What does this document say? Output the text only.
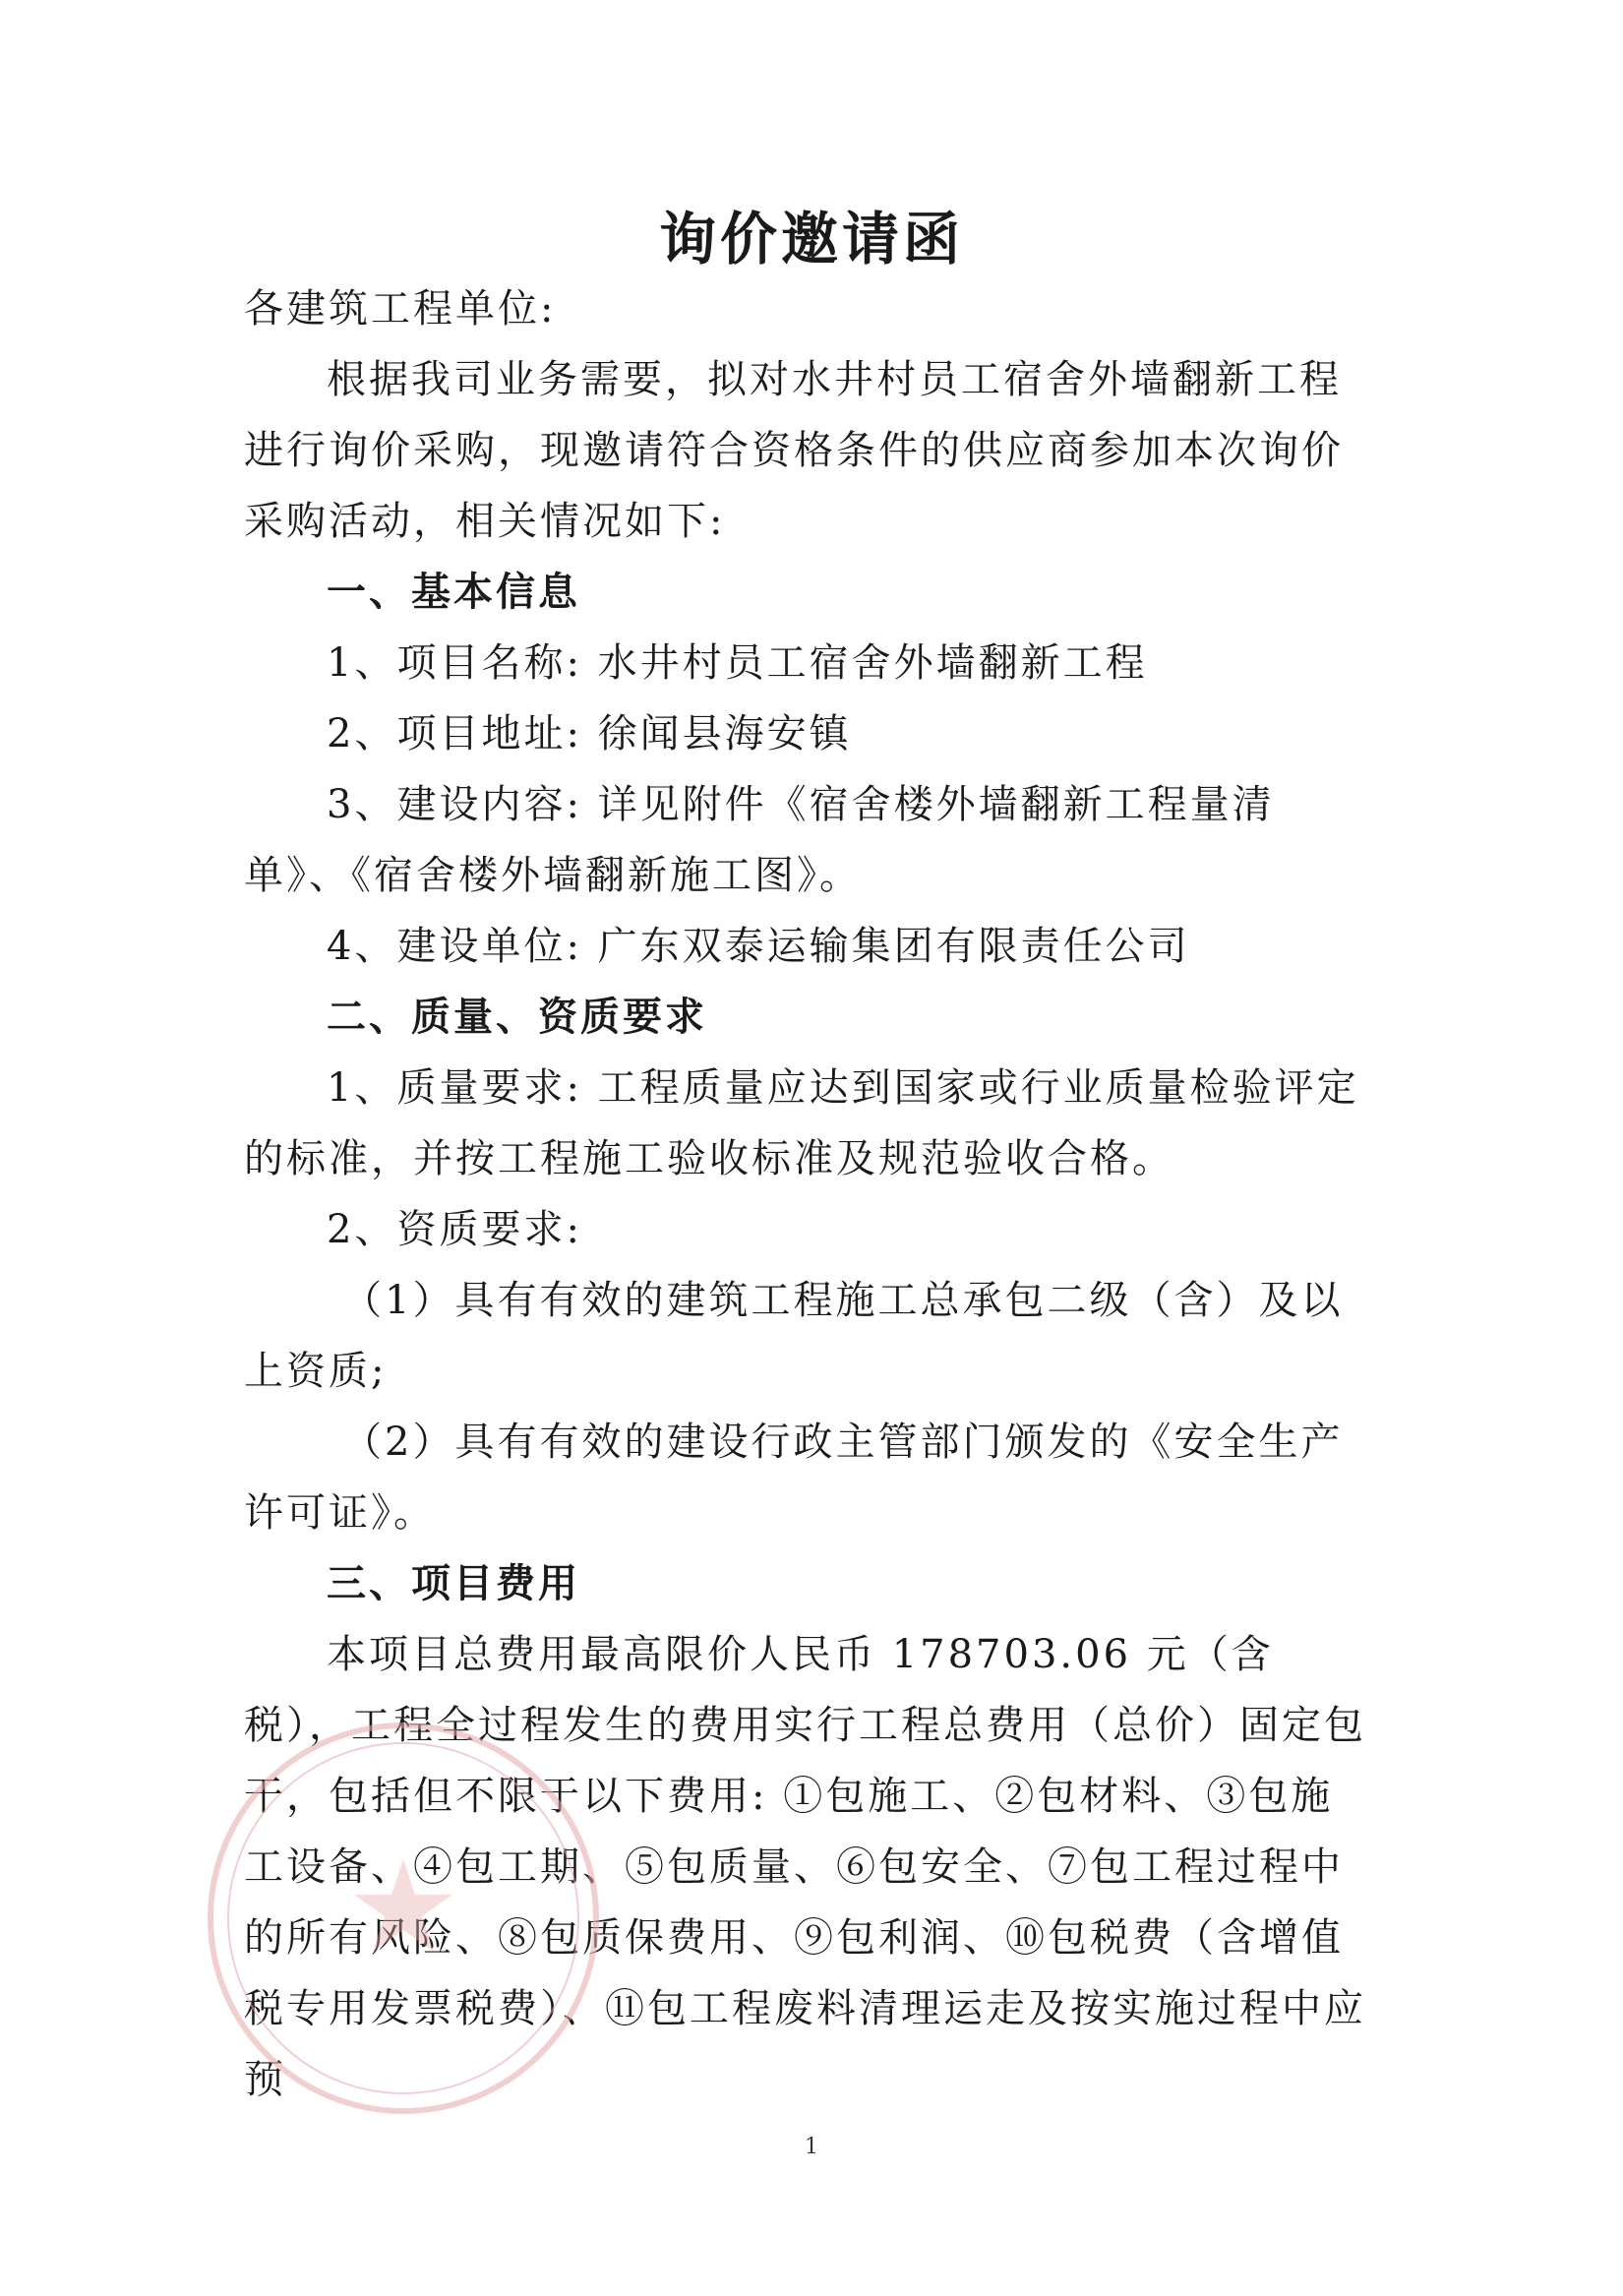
询价邀请函

各建筑工程单位:

根据我司业务需要，拟对水井村员工宿舍外墙翻新工程进行询价采购，现邀请符合资格条件的供应商参加本次询价采购活动，相关情况如下:

一、基本信息

1、项目名称: 水井村员工宿舍外墙翻新工程

2、项目地址: 徐闻县海安镇

3、建设内容: 详见附件《宿舍楼外墙翻新工程量清单》、《宿舍楼外墙翻新施工图》。

4、建设单位: 广东双泰运输集团有限责任公司

二、质量、资质要求

1、质量要求: 工程质量应达到国家或行业质量检验评定的标准，并按工程施工验收标准及规范验收合格。

2、资质要求:

（1）具有有效的建筑工程施工总承包二级（含）及以上资质;

（2）具有有效的建设行政主管部门颁发的《安全生产许可证》。

三、项目费用

本项目总费用最高限价人民币 178703.06 元（含税），工程全过程发生的费用实行工程总费用（总价）固定包干，包括但不限于以下费用: ①包施工、②包材料、③包施工设备、④包工期、⑤包质量、⑥包安全、⑦包工程过程中的所有风险、⑧包质保费用、⑨包利润、⑩包税费（含增值税专用发票税费）、⑪包工程废料清理运走及按实施过程中应预

1
